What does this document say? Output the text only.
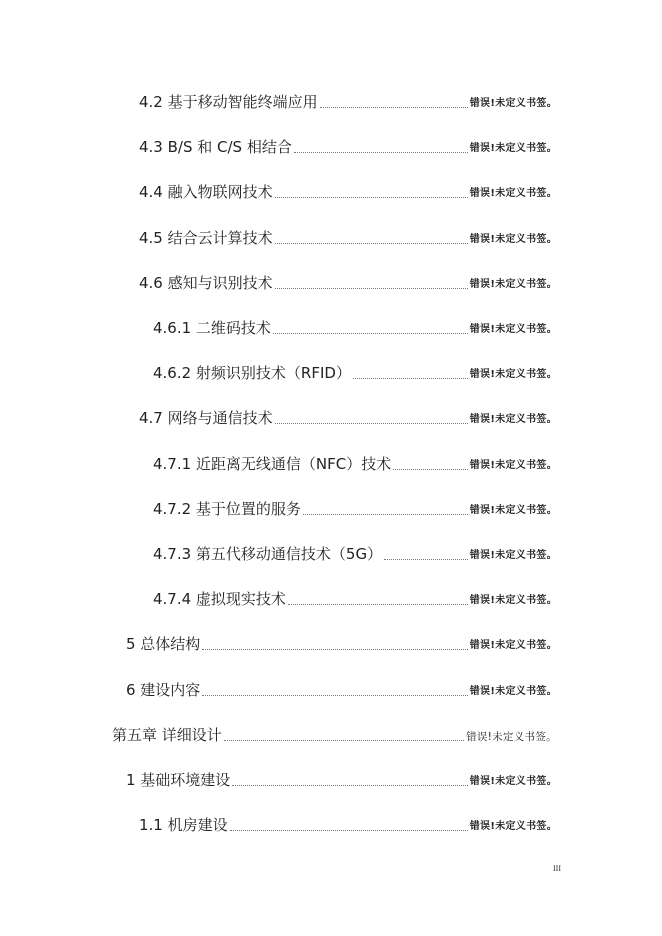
4.2 基于移动智能终端应用	错误!未定义书签。
4.3 B/S 和 C/S 相结合	错误!未定义书签。
4.4 融入物联网技术	错误!未定义书签。
4.5 结合云计算技术	错误!未定义书签。
4.6 感知与识别技术	错误!未定义书签。
4.6.1 二维码技术	错误!未定义书签。
4.6.2 射频识别技术（RFID）	错误!未定义书签。
4.7 网络与通信技术	错误!未定义书签。
4.7.1 近距离无线通信（NFC）技术	错误!未定义书签。
4.7.2 基于位置的服务	错误!未定义书签。
4.7.3 第五代移动通信技术（5G）	错误!未定义书签。
4.7.4 虚拟现实技术	错误!未定义书签。
5 总体结构	错误!未定义书签。
6 建设内容	错误!未定义书签。
第五章 详细设计	错误!未定义书签。
1 基础环境建设	错误!未定义书签。
1.1 机房建设	错误!未定义书签。
III
